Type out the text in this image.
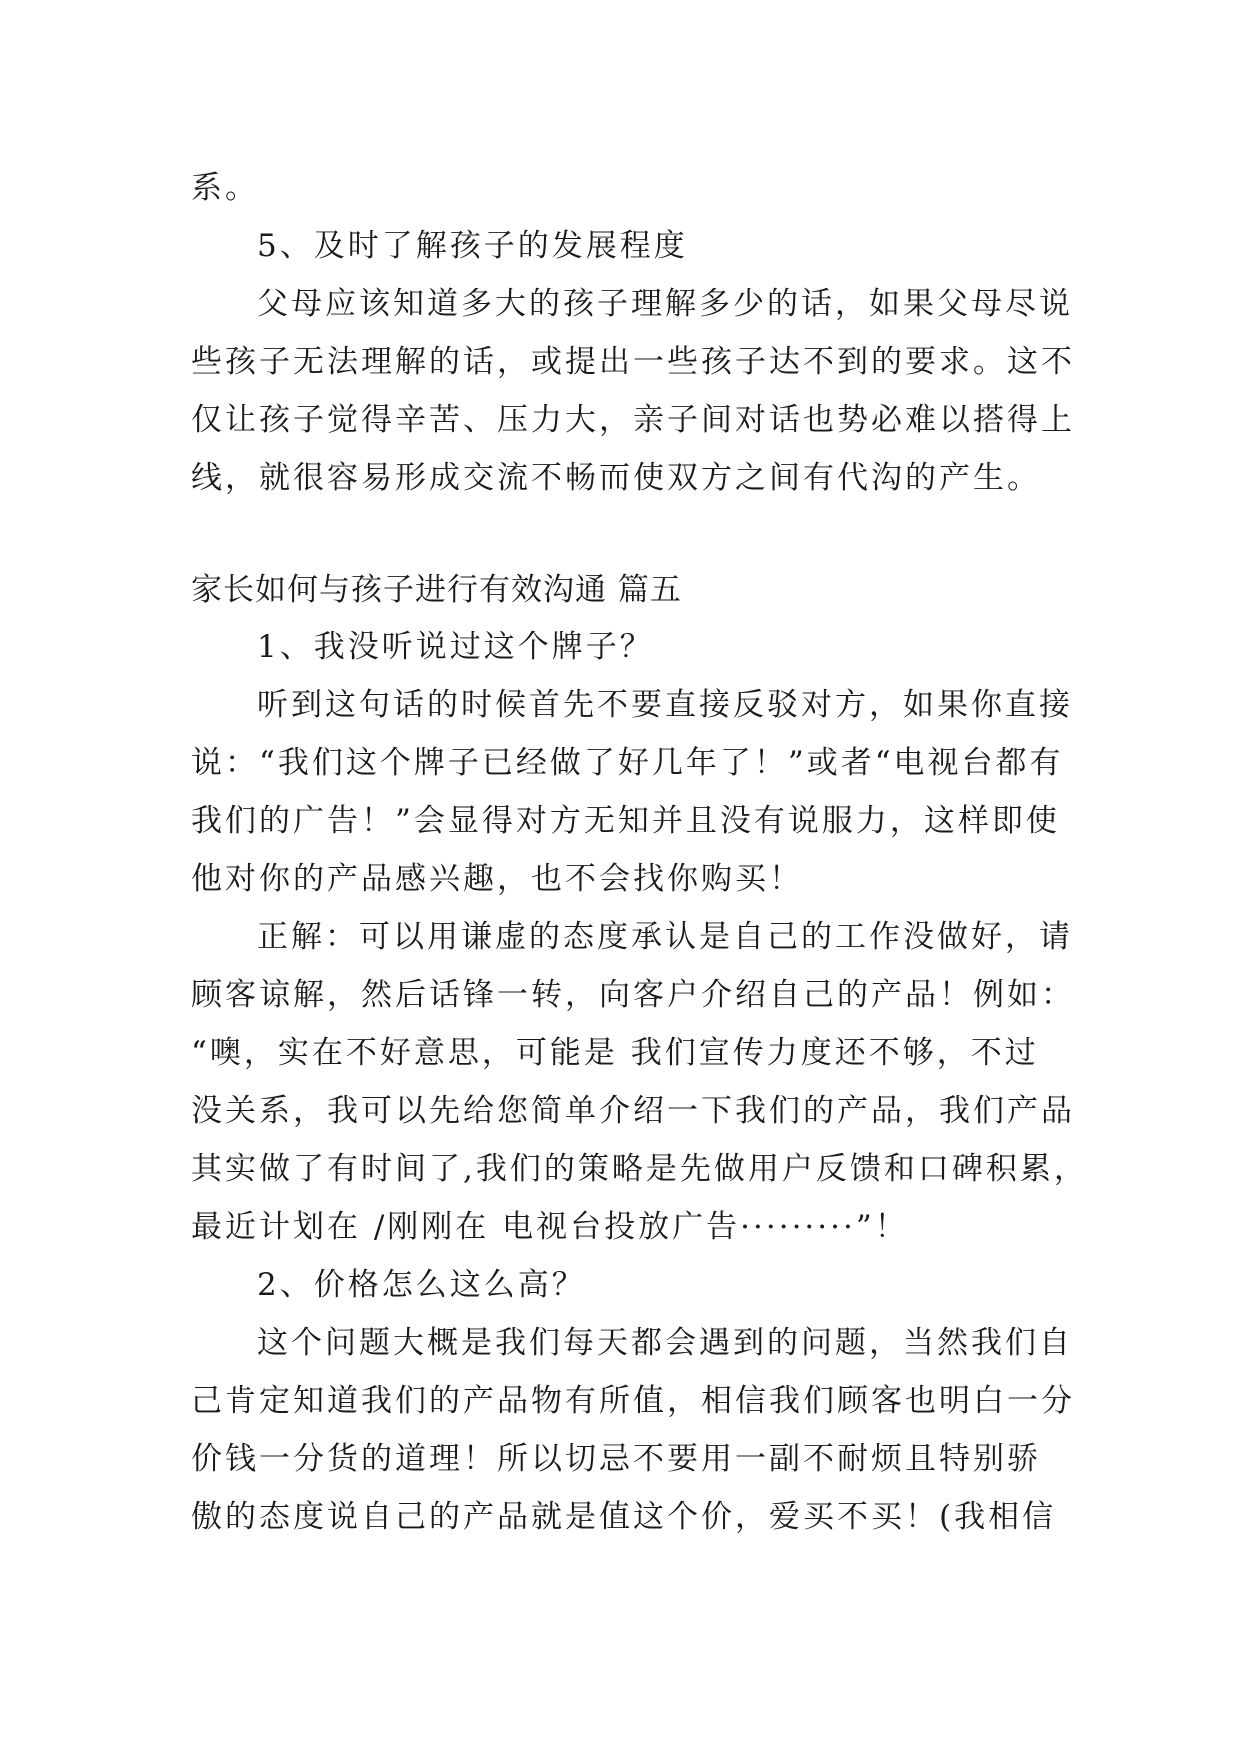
系。
5、及时了解孩子的发展程度
父母应该知道多大的孩子理解多少的话，如果父母尽说
些孩子无法理解的话，或提出一些孩子达不到的要求。这不
仅让孩子觉得辛苦、压力大，亲子间对话也势必难以搭得上
线，就很容易形成交流不畅而使双方之间有代沟的产生。
家长如何与孩子进行有效沟通 篇五
1、我没听说过这个牌子？
听到这句话的时候首先不要直接反驳对方，如果你直接
说：“我们这个牌子已经做了好几年了！”或者“电视台都有
我们的广告！”会显得对方无知并且没有说服力，这样即使
他对你的产品感兴趣，也不会找你购买！
正解：可以用谦虚的态度承认是自己的工作没做好，请
顾客谅解，然后话锋一转，向客户介绍自己的产品！例如：
“噢，实在不好意思，可能是 我们宣传力度还不够，不过
没关系，我可以先给您简单介绍一下我们的产品，我们产品
其实做了有时间了,我们的策略是先做用户反馈和口碑积累，
最近计划在 /刚刚在 电视台投放广告·········”！
2、价格怎么这么高？
这个问题大概是我们每天都会遇到的问题，当然我们自
己肯定知道我们的产品物有所值，相信我们顾客也明白一分
价钱一分货的道理！所以切忌不要用一副不耐烦且特别骄
傲的态度说自己的产品就是值这个价，爱买不买！(我相信
